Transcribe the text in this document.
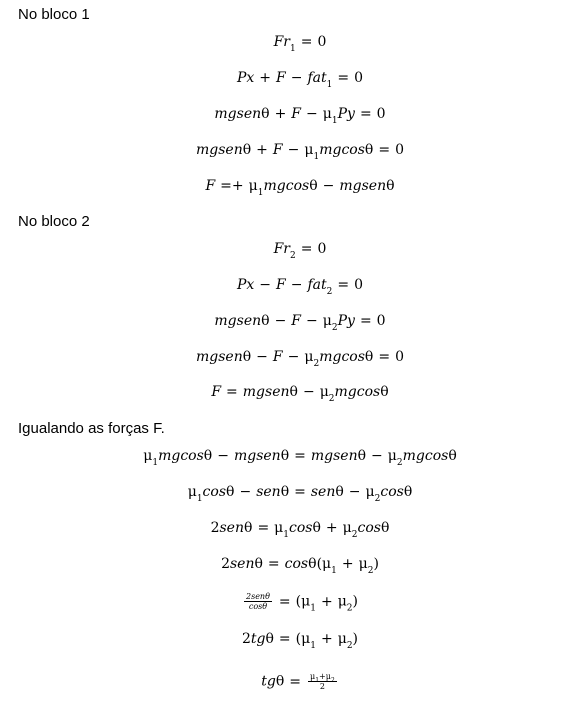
No bloco 1
$Fr_1 = 0$
Px + F − fat$_1$ = 0
mgsenθ + $F - \mu_1Py = 0$
mgsenθ + $F - \mu_1mgcos\theta = 0$
$F =+ \mu_1mgcos\theta$ − mgsenθ
No bloco 2
$Fr_2 = 0$
Px − F − fat$_2$ = 0
mgsenθ − $F - \mu_2Py = 0$
mgsenθ − $F - \mu_2mgcos\theta = 0$
F = mgsenθ − $\mu_2mgcos\theta$
Igualando as forças F.
$\mu_1mgcos\theta$ − mgsenθ = mgsenθ − $\mu_2mgcos\theta$
$\mu_1\cos\theta - sen\theta = sen\theta - \mu_2\cos\theta$
$2sen\theta = \mu_1\cos\theta + \mu_2\cos\theta$
$2sen\theta = \cos\theta(\mu_1 + \mu_2)$
$\frac{\text{2senθ}}{\cos\theta} = (\mu_1 + \mu_2)$
$2tg\theta = (\mu_1 + \mu_2)$
$tg\theta = \frac{\mu_1+\mu_2}{2}$
